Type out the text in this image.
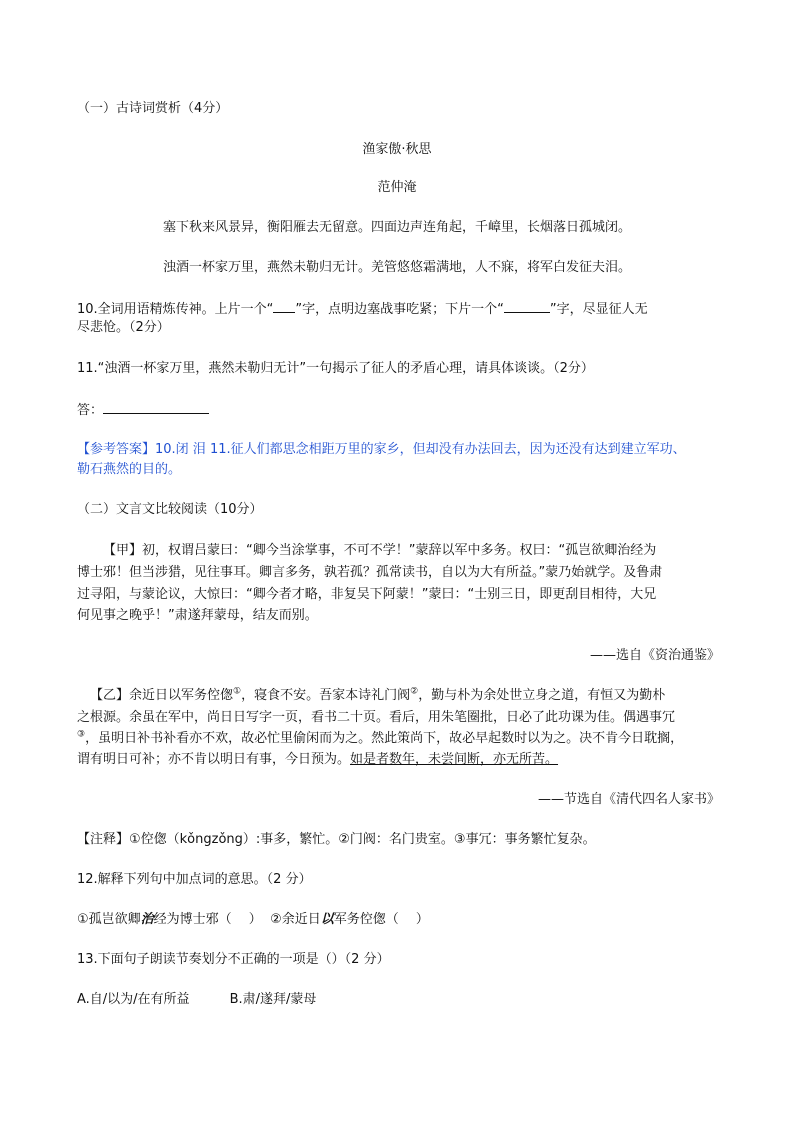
（一）古诗词赏析（4分）
渔家傲·秋思
范仲淹
塞下秋来风景异，衡阳雁去无留意。四面边声连角起，千嶂里，长烟落日孤城闭。
浊酒一杯家万里，燕然未勒归无计。羌管悠悠霜满地，人不寐，将军白发征夫泪。
10.全词用语精炼传神。上片一个“ ”字，点明边塞战事吃紧；下片一个“	”字，尽显征人无
尽悲怆。（2分）
11.“浊酒一杯家万里，燕然未勒归无计”一句揭示了征人的矛盾心理，请具体谈谈。（2分）
答：
【参考答案】10.闭 泪 11.征人们都思念相距万里的家乡，但却没有办法回去，因为还没有达到建立军功、
勒石燕然的目的。
（二）文言文比较阅读（10分）
【甲】初，权谓吕蒙曰：“卿今当涂掌事，不可不学！”蒙辞以军中多务。权曰：“孤岂欲卿治经为
博士邪！但当涉猎，见往事耳。卿言多务，孰若孤？孤常读书，自以为大有所益。”蒙乃始就学。及鲁肃
过寻阳，与蒙论议，大惊曰：“卿今者才略，非复吴下阿蒙！”蒙曰：“士别三日，即更刮目相待，大兄
何见事之晚乎！”肃遂拜蒙母，结友而别。
——选自《资治通鉴》
【乙】余近日以军务倥偬①，寝食不安。吾家本诗礼门阀②，勤与朴为余处世立身之道，有恒又为勤朴
之根源。余虽在军中，尚日日写字一页，看书二十页。看后，用朱笔圈批，日必了此功课为佳。偶遇事冗
③，虽明日补书补看亦不欢，故必忙里偷闲而为之。然此策尚下，故必早起数时以为之。决不肯今日耽搁，
谓有明日可补；亦不肯以明日有事，今日预为。如是者数年，未尝间断，亦无所苦。
——节选自《清代四名人家书》
【注释】①倥偬（kǒngzǒng）:事多，繁忙。②门阀：名门贵室。③事冗：事务繁忙复杂。
12.解释下列句中加点词的意思。（2 分）
①孤岂欲卿治经为博士邪（　 ） ②余近日以军务倥偬（　 ）
13.下面句子朗读节奏划分不正确的一项是（）（2 分）
A.自/以为/在有所益	B.肃/遂拜/蒙母
